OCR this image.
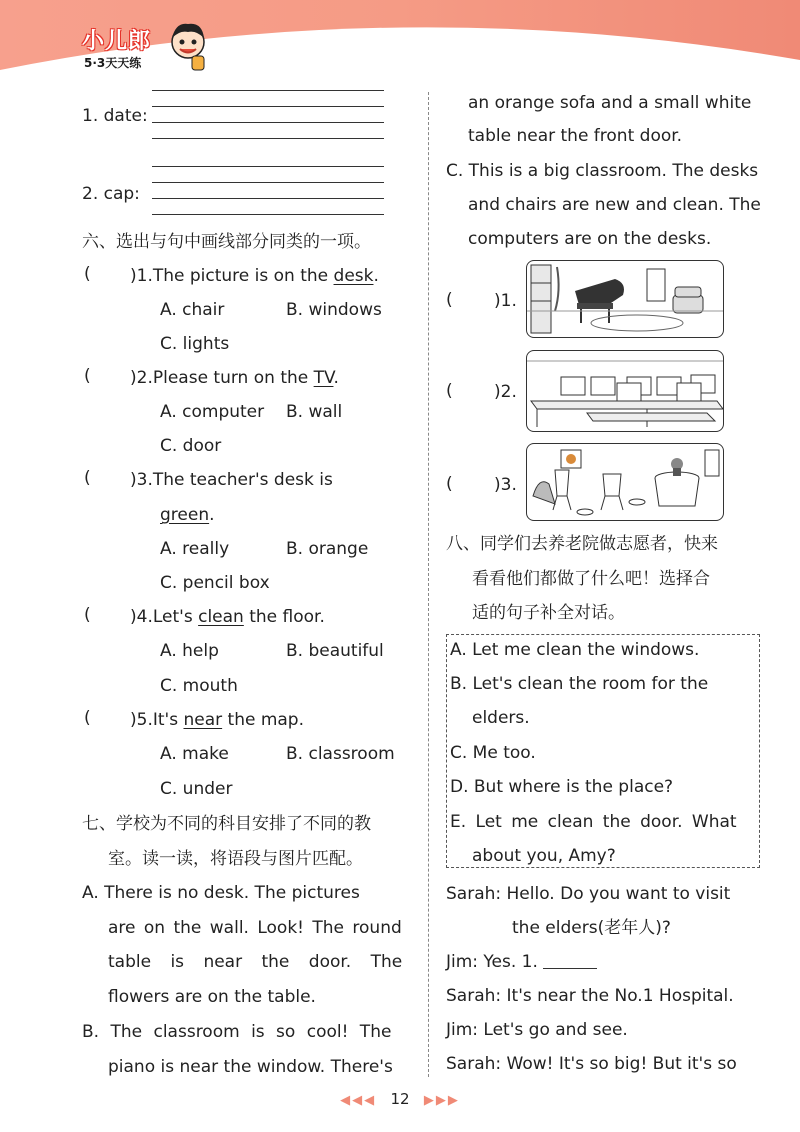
小儿郎
5·3天天练
1. date:
2. cap:
六、选出与句中画线部分同类的一项。
( )1.The picture is on the desk.
A. chair	B. windows
C. lights
( )2.Please turn on the TV.
A. computer B. wall
C. door
( )3.The teacher's desk is
green.
A. really	B. orange
C. pencil box
( )4.Let's clean the floor.
A. help	B. beautiful
C. mouth
( )5.It's near the map.
A. make	B. classroom
C. under
七、学校为不同的科目安排了不同的教
室。读一读，将语段与图片匹配。
A. There is no desk. The pictures
are on the wall. Look! The round
table is near the door. The
flowers are on the table.
B. The classroom is so cool! The
piano is near the window. There's
an orange sofa and a small white
table near the front door.
C. This is a big classroom. The desks
and chairs are new and clean. The
computers are on the desks.
( )1.
( )2.
( )3.
八、同学们去养老院做志愿者，快来
看看他们都做了什么吧！选择合
适的句子补全对话。
A. Let me clean the windows.
B. Let's clean the room for the
elders.
C. Me too.
D. But where is the place?
E. Let me clean the door. What
about you, Amy?
Sarah: Hello. Do you want to visit
the elders(老年人)?
Jim: Yes. 1.
Sarah: It's near the No.1 Hospital.
Jim: Let's go and see.
Sarah: Wow! It's so big! But it's so
◀◀◀ 12 ▶▶▶
